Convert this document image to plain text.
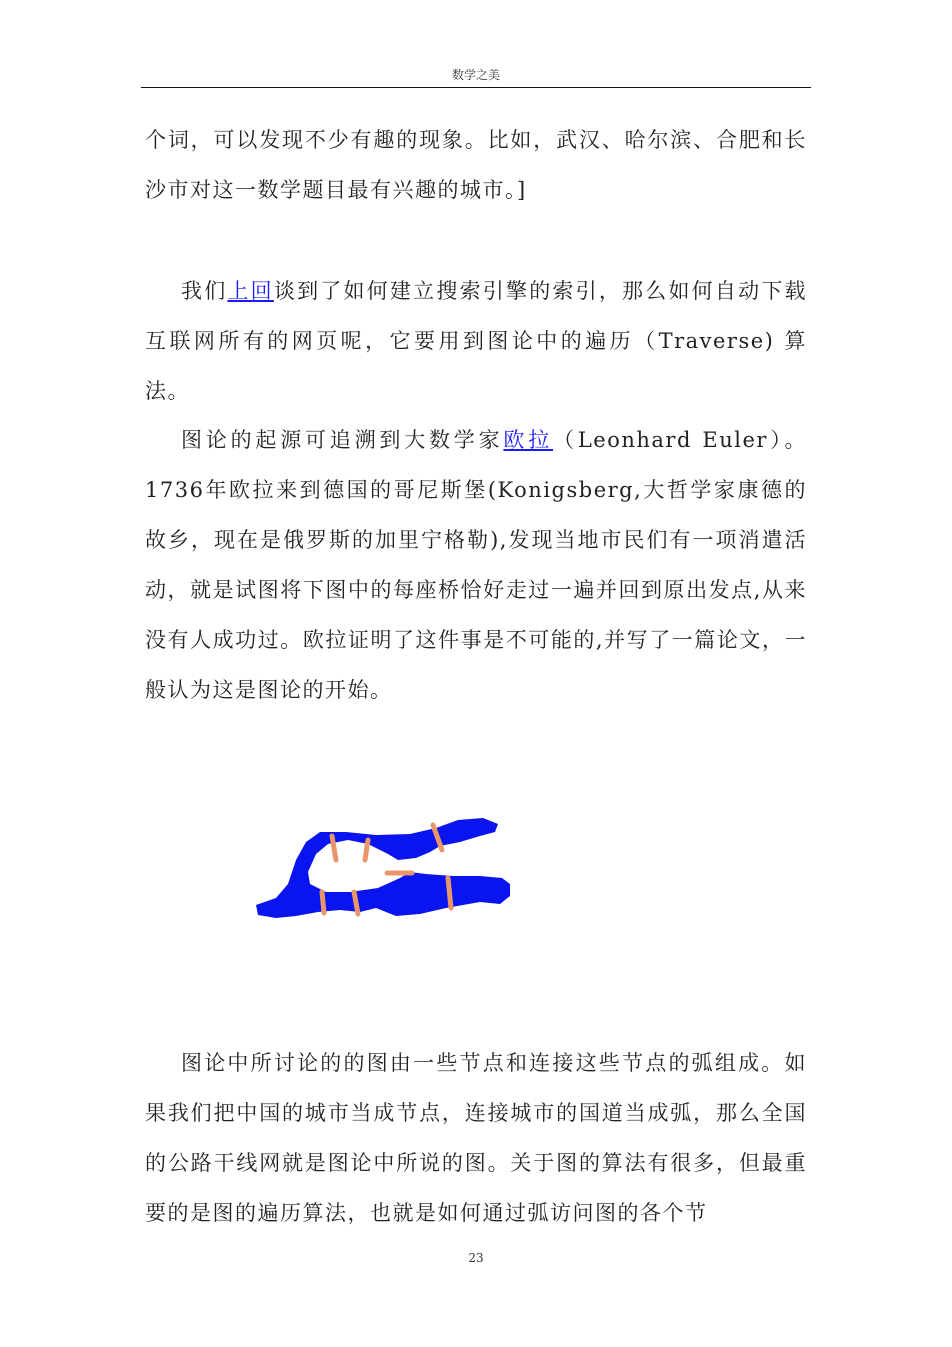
数学之美

个词，可以发现不少有趣的现象。比如，武汉、哈尔滨、合肥和长沙市对这一数学题目最有兴趣的城市。]

我们上回谈到了如何建立搜索引擎的索引，那么如何自动下载互联网所有的网页呢，它要用到图论中的遍历（Traverse) 算法。

图论的起源可追溯到大数学家欧拉（Leonhard Euler）。1736年欧拉来到德国的哥尼斯堡(Konigsberg,大哲学家康德的故乡，现在是俄罗斯的加里宁格勒),发现当地市民们有一项消遣活动，就是试图将下图中的每座桥恰好走过一遍并回到原出发点,从来没有人成功过。欧拉证明了这件事是不可能的,并写了一篇论文，一般认为这是图论的开始。

图论中所讨论的的图由一些节点和连接这些节点的弧组成。如果我们把中国的城市当成节点，连接城市的国道当成弧，那么全国的公路干线网就是图论中所说的图。关于图的算法有很多，但最重要的是图的遍历算法，也就是如何通过弧访问图的各个节

23
